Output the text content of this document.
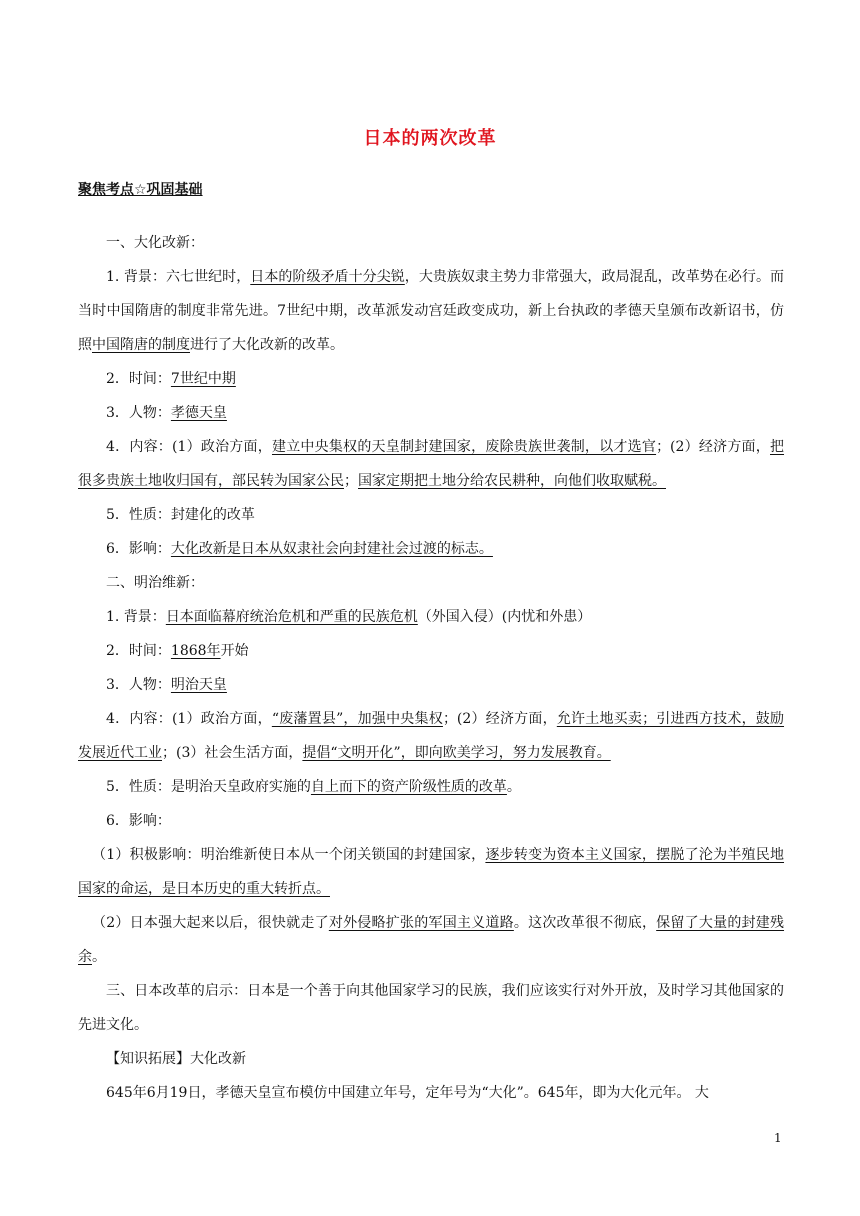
日本的两次改革
聚焦考点☆巩固基础

一、大化改新：

1. 背景：六七世纪时，日本的阶级矛盾十分尖锐，大贵族奴隶主势力非常强大，政局混乱，改革势在必行。而当时中国隋唐的制度非常先进。7世纪中期，改革派发动宫廷政变成功，新上台执政的孝德天皇颁布改新诏书，仿照中国隋唐的制度进行了大化改新的改革。

2．时间：7世纪中期

3．人物：孝德天皇

4．内容：(1）政治方面，建立中央集权的天皇制封建国家，废除贵族世袭制，以才选官；(2）经济方面，把很多贵族土地收归国有，部民转为国家公民；国家定期把土地分给农民耕种，向他们收取赋税。

5．性质：封建化的改革

6．影响：大化改新是日本从奴隶社会向封建社会过渡的标志。

二、明治维新：

1. 背景：日本面临幕府统治危机和严重的民族危机（外国入侵）(内忧和外患）

2．时间：1868年开始

3．人物：明治天皇

4．内容：(1）政治方面，“废藩置县”，加强中央集权；(2）经济方面，允许土地买卖；引进西方技术，鼓励发展近代工业；(3）社会生活方面，提倡“文明开化”，即向欧美学习，努力发展教育。

5．性质：是明治天皇政府实施的自上而下的资产阶级性质的改革。

6．影响：

（1）积极影响：明治维新使日本从一个闭关锁国的封建国家，逐步转变为资本主义国家，摆脱了沦为半殖民地国家的命运，是日本历史的重大转折点。

（2）日本强大起来以后，很快就走了对外侵略扩张的军国主义道路。这次改革很不彻底，保留了大量的封建残余。

三、日本改革的启示：日本是一个善于向其他国家学习的民族，我们应该实行对外开放，及时学习其他国家的先进文化。

【知识拓展】大化改新

645年6月19日，孝德天皇宣布模仿中国建立年号，定年号为“大化”。645年，即为大化元年。 大

1
